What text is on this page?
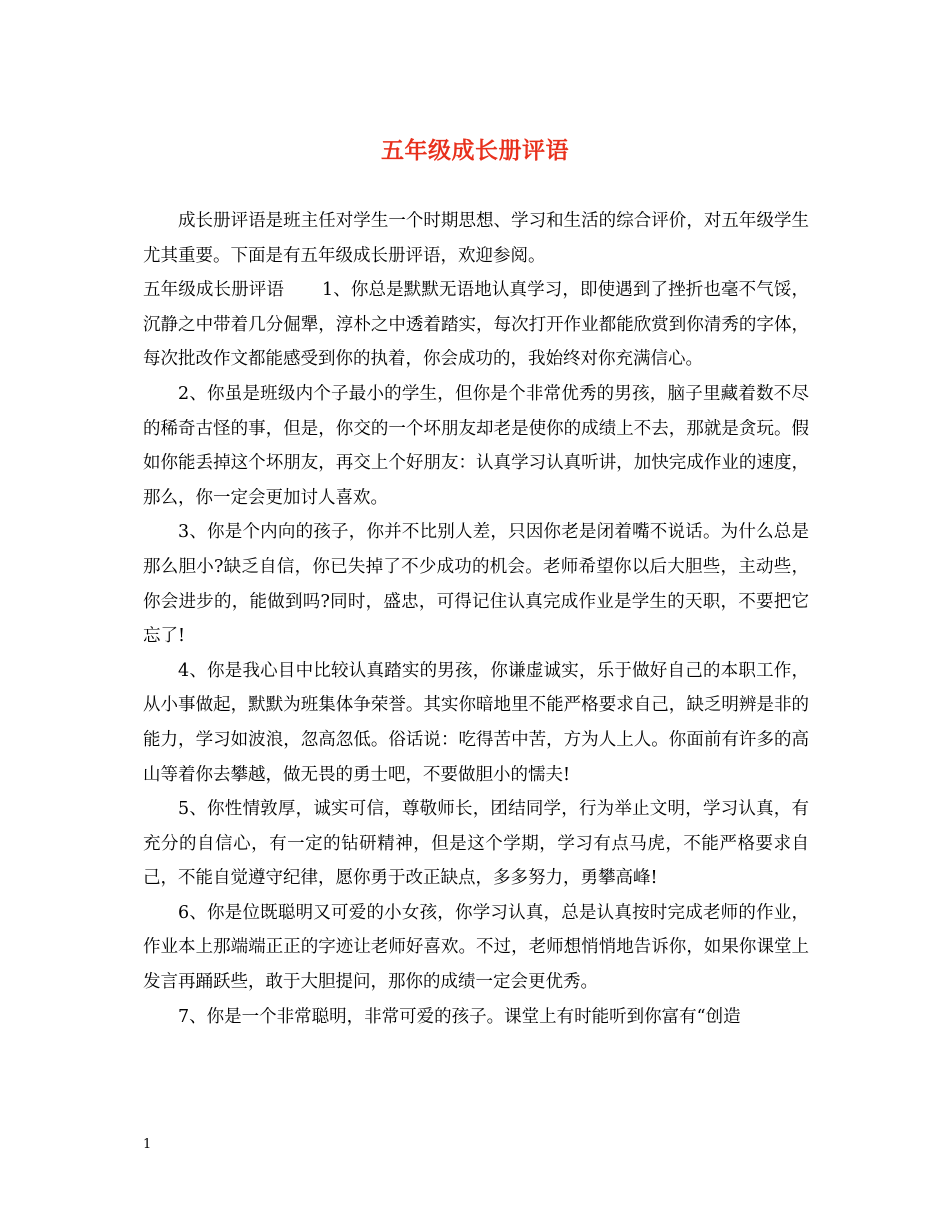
五年级成长册评语

成长册评语是班主任对学生一个时期思想、学习和生活的综合评价，对五年级学生尤其重要。下面是有五年级成长册评语，欢迎参阅。

五年级成长册评语 1、你总是默默无语地认真学习，即使遇到了挫折也毫不气馁，沉静之中带着几分倔犟，淳朴之中透着踏实，每次打开作业都能欣赏到你清秀的字体，每次批改作文都能感受到你的执着，你会成功的，我始终对你充满信心。

2、你虽是班级内个子最小的学生，但你是个非常优秀的男孩，脑子里藏着数不尽的稀奇古怪的事，但是，你交的一个坏朋友却老是使你的成绩上不去，那就是贪玩。假如你能丢掉这个坏朋友，再交上个好朋友：认真学习认真听讲，加快完成作业的速度，那么，你一定会更加讨人喜欢。

3、你是个内向的孩子，你并不比别人差，只因你老是闭着嘴不说话。为什么总是那么胆小?缺乏自信，你已失掉了不少成功的机会。老师希望你以后大胆些，主动些，你会进步的，能做到吗?同时，盛忠，可得记住认真完成作业是学生的天职，不要把它忘了!

4、你是我心目中比较认真踏实的男孩，你谦虚诚实，乐于做好自己的本职工作，从小事做起，默默为班集体争荣誉。其实你暗地里不能严格要求自己，缺乏明辨是非的能力，学习如波浪，忽高忽低。俗话说：吃得苦中苦，方为人上人。你面前有许多的高山等着你去攀越，做无畏的勇士吧，不要做胆小的懦夫!

5、你性情敦厚，诚实可信，尊敬师长，团结同学，行为举止文明，学习认真，有充分的自信心，有一定的钻研精神，但是这个学期，学习有点马虎，不能严格要求自己，不能自觉遵守纪律，愿你勇于改正缺点，多多努力，勇攀高峰!

6、你是位既聪明又可爱的小女孩，你学习认真，总是认真按时完成老师的作业，作业本上那端端正正的字迹让老师好喜欢。不过，老师想悄悄地告诉你，如果你课堂上发言再踊跃些，敢于大胆提问，那你的成绩一定会更优秀。

7、你是一个非常聪明，非常可爱的孩子。课堂上有时能听到你富有“创造

1
